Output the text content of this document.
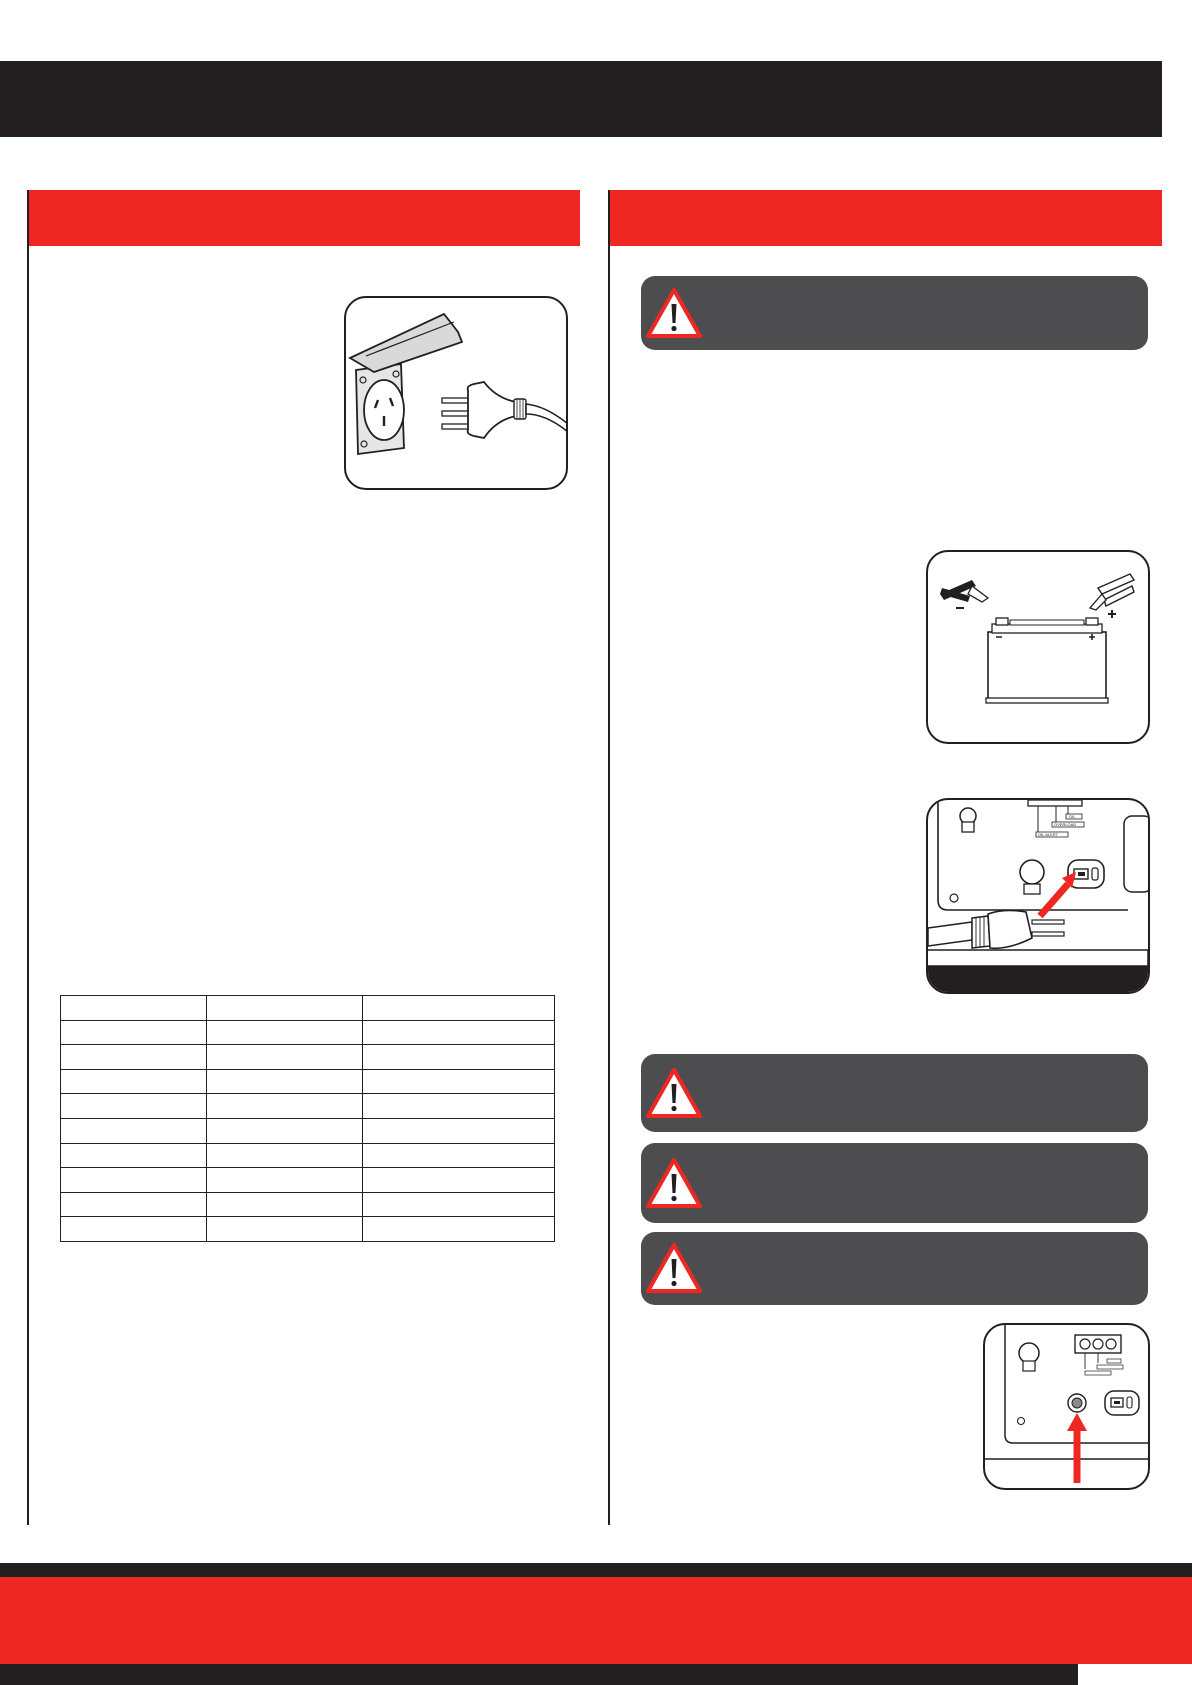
OIL
OVERLOAD
OIL ALERT
